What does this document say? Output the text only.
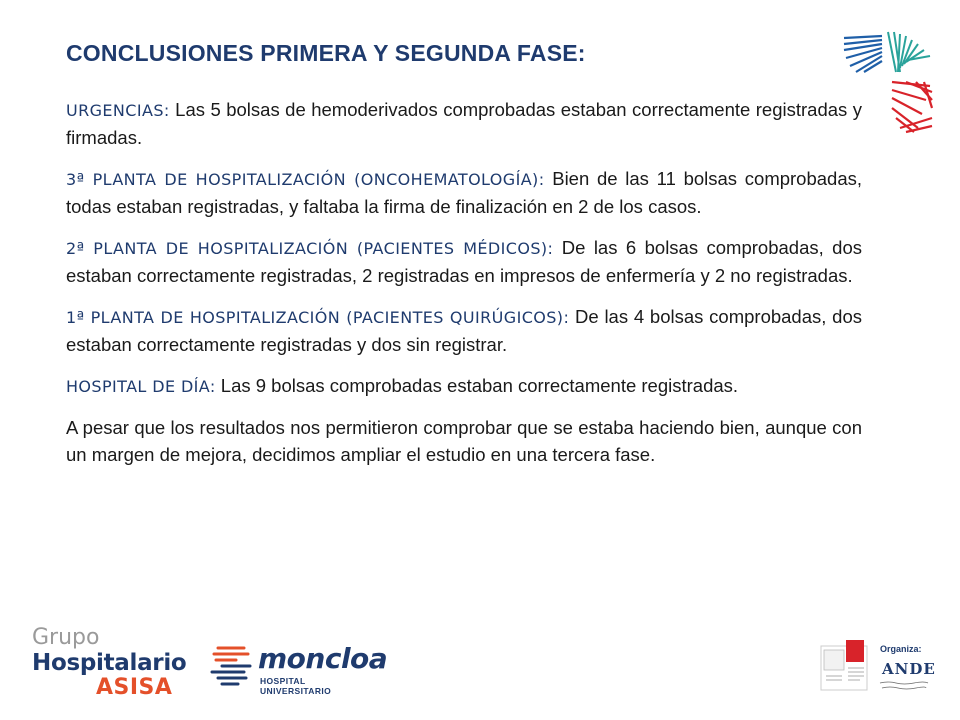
CONCLUSIONES PRIMERA Y SEGUNDA FASE:

URGENCIAS: Las 5 bolsas de hemoderivados comprobadas estaban correctamente registradas y firmadas.

3ª PLANTA DE HOSPITALIZACIÓN (ONCOHEMATOLOGÍA): Bien de las 11 bolsas comprobadas, todas estaban registradas, y faltaba la firma de finalización en 2 de los casos.

2ª PLANTA DE HOSPITALIZACIÓN (PACIENTES MÉDICOS): De las 6 bolsas comprobadas, dos estaban correctamente registradas, 2 registradas en impresos de enfermería y 2 no registradas.

1ª PLANTA DE HOSPITALIZACIÓN (PACIENTES QUIRÚGICOS): De las 4 bolsas comprobadas, dos estaban correctamente registradas y dos sin registrar.

HOSPITAL DE DÍA: Las 9 bolsas comprobadas estaban correctamente registradas.

A pesar que los resultados nos permitieron comprobar que se estaba haciendo bien, aunque con un margen de mejora, decidimos ampliar el estudio en una tercera fase.

Grupo
Hospitalario
ASISA
moncloa
HOSPITAL UNIVERSITARIO
Organiza:
ANDE
